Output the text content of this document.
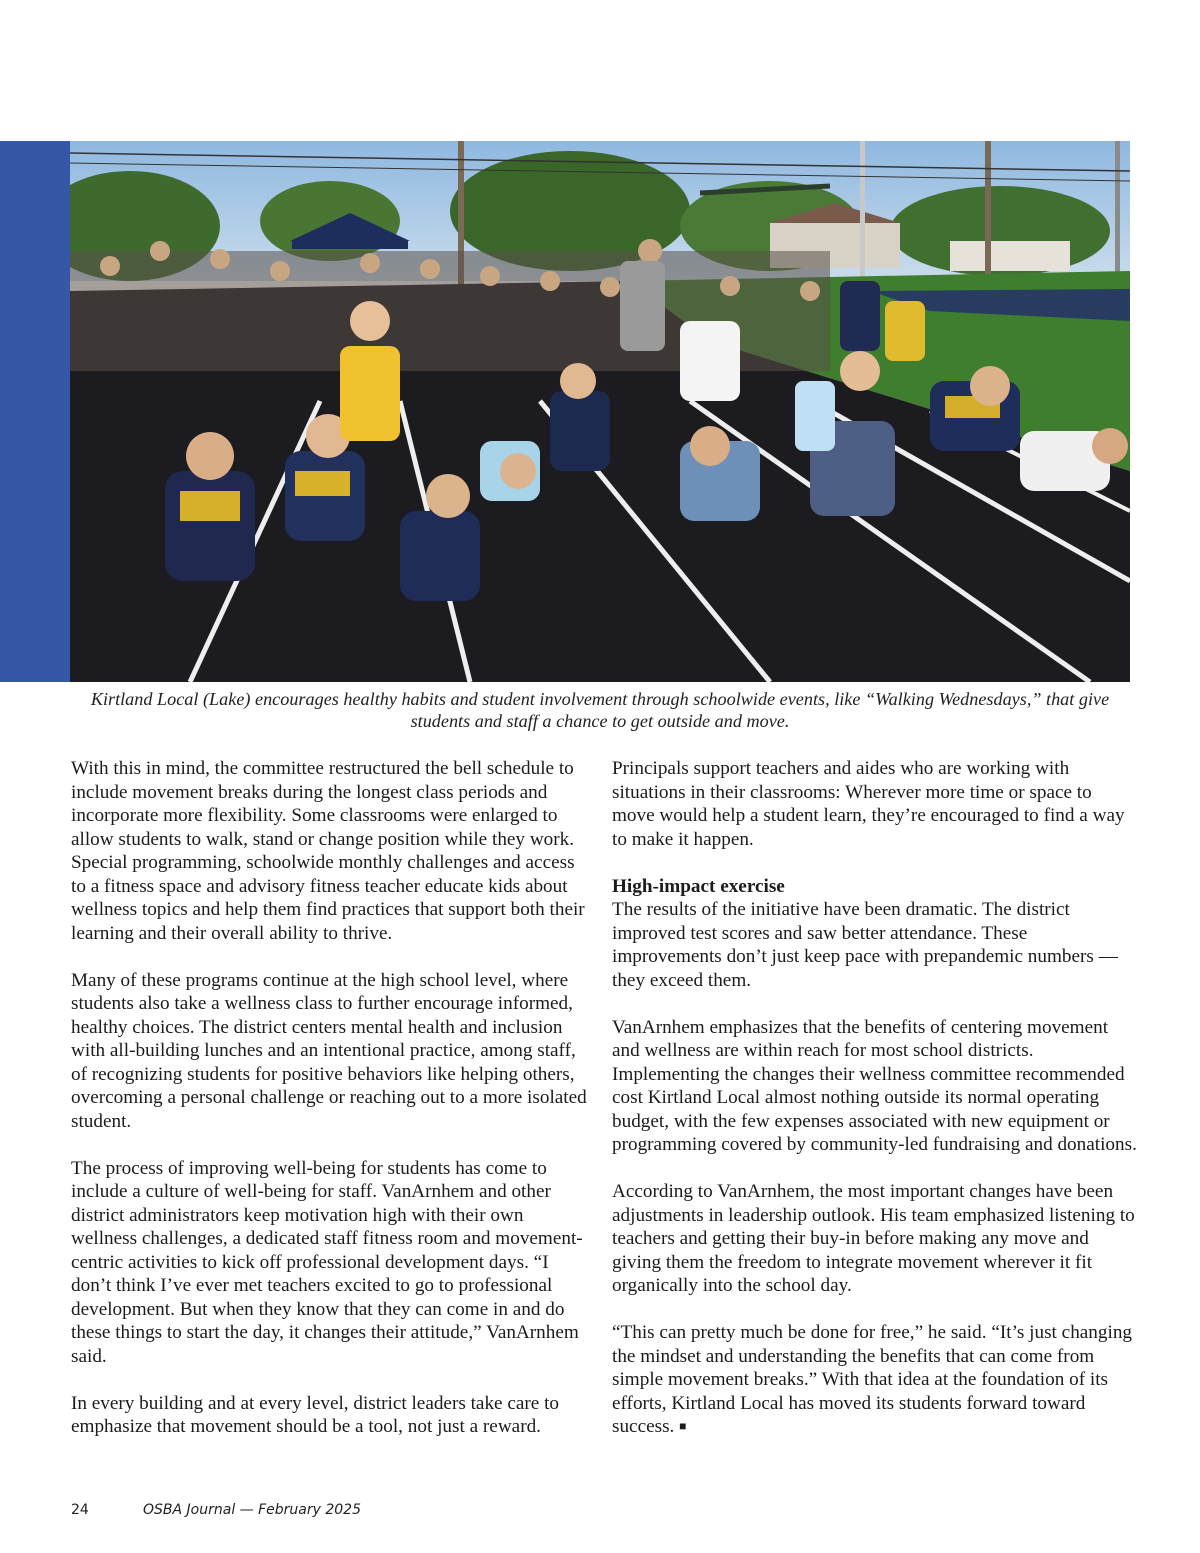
Kirtland Local (Lake) encourages healthy habits and student involvement through schoolwide events, like “Walking Wednesdays,” that give students and staff a chance to get outside and move.

With this in mind, the committee restructured the bell schedule to include movement breaks during the longest class periods and incorporate more flexibility. Some classrooms were enlarged to allow students to walk, stand or change position while they work. Special programming, schoolwide monthly challenges and access to a fitness space and advisory fitness teacher educate kids about wellness topics and help them find practices that support both their learning and their overall ability to thrive.

Many of these programs continue at the high school level, where students also take a wellness class to further encourage informed, healthy choices. The district centers mental health and inclusion with all-building lunches and an intentional practice, among staff, of recognizing students for positive behaviors like helping others, overcoming a personal challenge or reaching out to a more isolated student.

The process of improving well-being for students has come to include a culture of well-being for staff. VanArnhem and other district administrators keep motivation high with their own wellness challenges, a dedicated staff fitness room and movement-centric activities to kick off professional development days. “I don’t think I’ve ever met teachers excited to go to professional development. But when they know that they can come in and do these things to start the day, it changes their attitude,” VanArnhem said.

In every building and at every level, district leaders take care to emphasize that movement should be a tool, not just a reward.

Principals support teachers and aides who are working with situations in their classrooms: Wherever more time or space to move would help a student learn, they’re encouraged to find a way to make it happen.

High-impact exercise

The results of the initiative have been dramatic. The district improved test scores and saw better attendance. These improvements don’t just keep pace with prepandemic numbers — they exceed them.

VanArnhem emphasizes that the benefits of centering movement and wellness are within reach for most school districts. Implementing the changes their wellness committee recommended cost Kirtland Local almost nothing outside its normal operating budget, with the few expenses associated with new equipment or programming covered by community-led fundraising and donations.

According to VanArnhem, the most important changes have been adjustments in leadership outlook. His team emphasized listening to teachers and getting their buy-in before making any move and giving them the freedom to integrate movement wherever it fit organically into the school day.

“This can pretty much be done for free,” he said. “It’s just changing the mindset and understanding the benefits that can come from simple movement breaks.” With that idea at the foundation of its efforts, Kirtland Local has moved its students forward toward success. ■

24	OSBA Journal — February 2025
